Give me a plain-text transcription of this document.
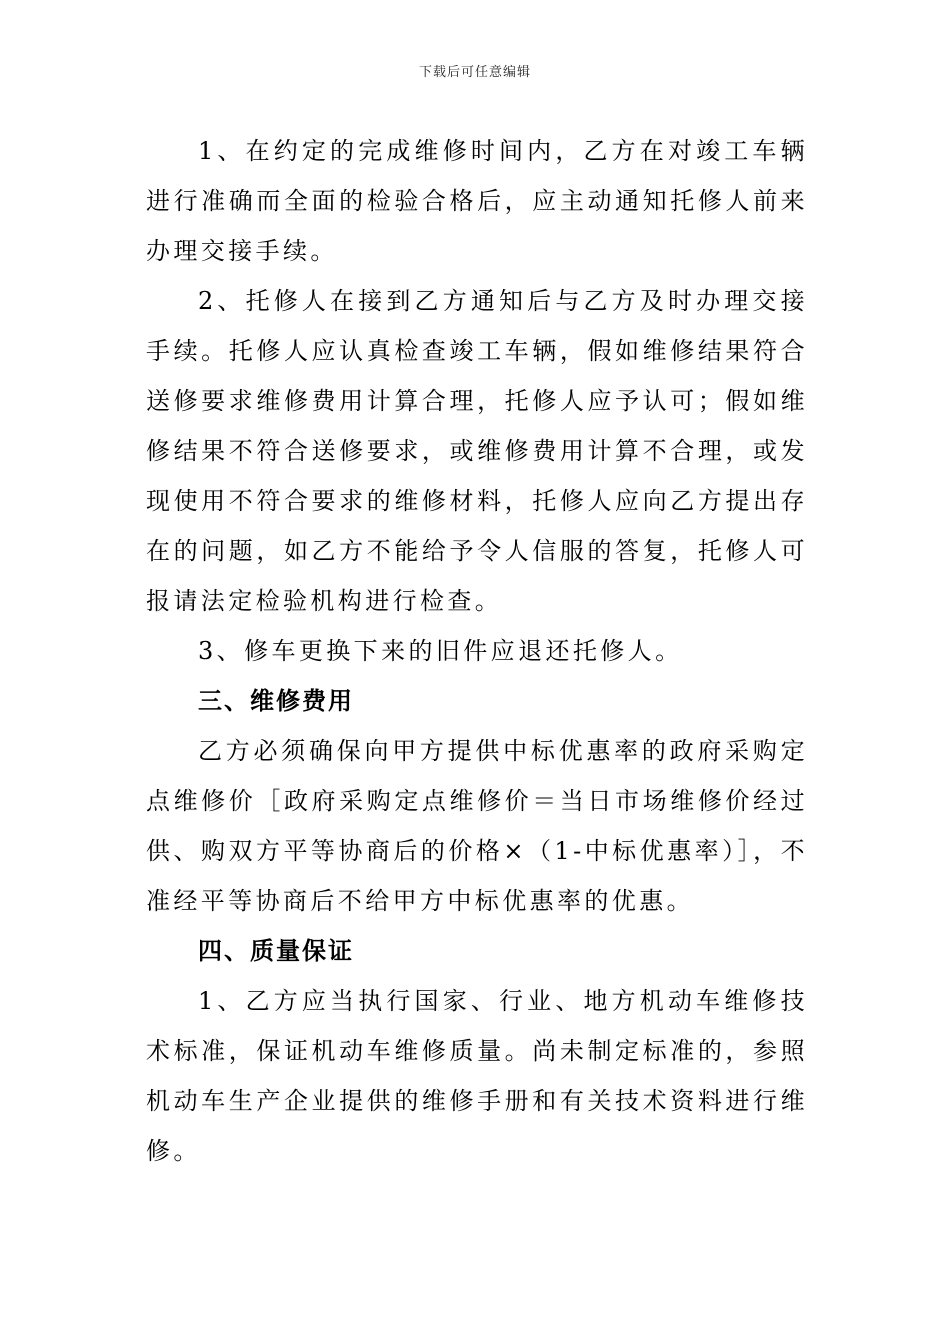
下载后可任意编辑

1、在约定的完成维修时间内，乙方在对竣工车辆进行准确而全面的检验合格后，应主动通知托修人前来办理交接手续。

2、托修人在接到乙方通知后与乙方及时办理交接手续。托修人应认真检查竣工车辆，假如维修结果符合送修要求维修费用计算合理，托修人应予认可；假如维修结果不符合送修要求，或维修费用计算不合理，或发现使用不符合要求的维修材料，托修人应向乙方提出存在的问题，如乙方不能给予令人信服的答复，托修人可报请法定检验机构进行检查。

3、修车更换下来的旧件应退还托修人。

三、维修费用

乙方必须确保向甲方提供中标优惠率的政府采购定点维修价［政府采购定点维修价＝当日市场维修价经过供、购双方平等协商后的价格×（1-中标优惠率）］，不准经平等协商后不给甲方中标优惠率的优惠。

四、质量保证

1、乙方应当执行国家、行业、地方机动车维修技术标准，保证机动车维修质量。尚未制定标准的，参照机动车生产企业提供的维修手册和有关技术资料进行维修。
